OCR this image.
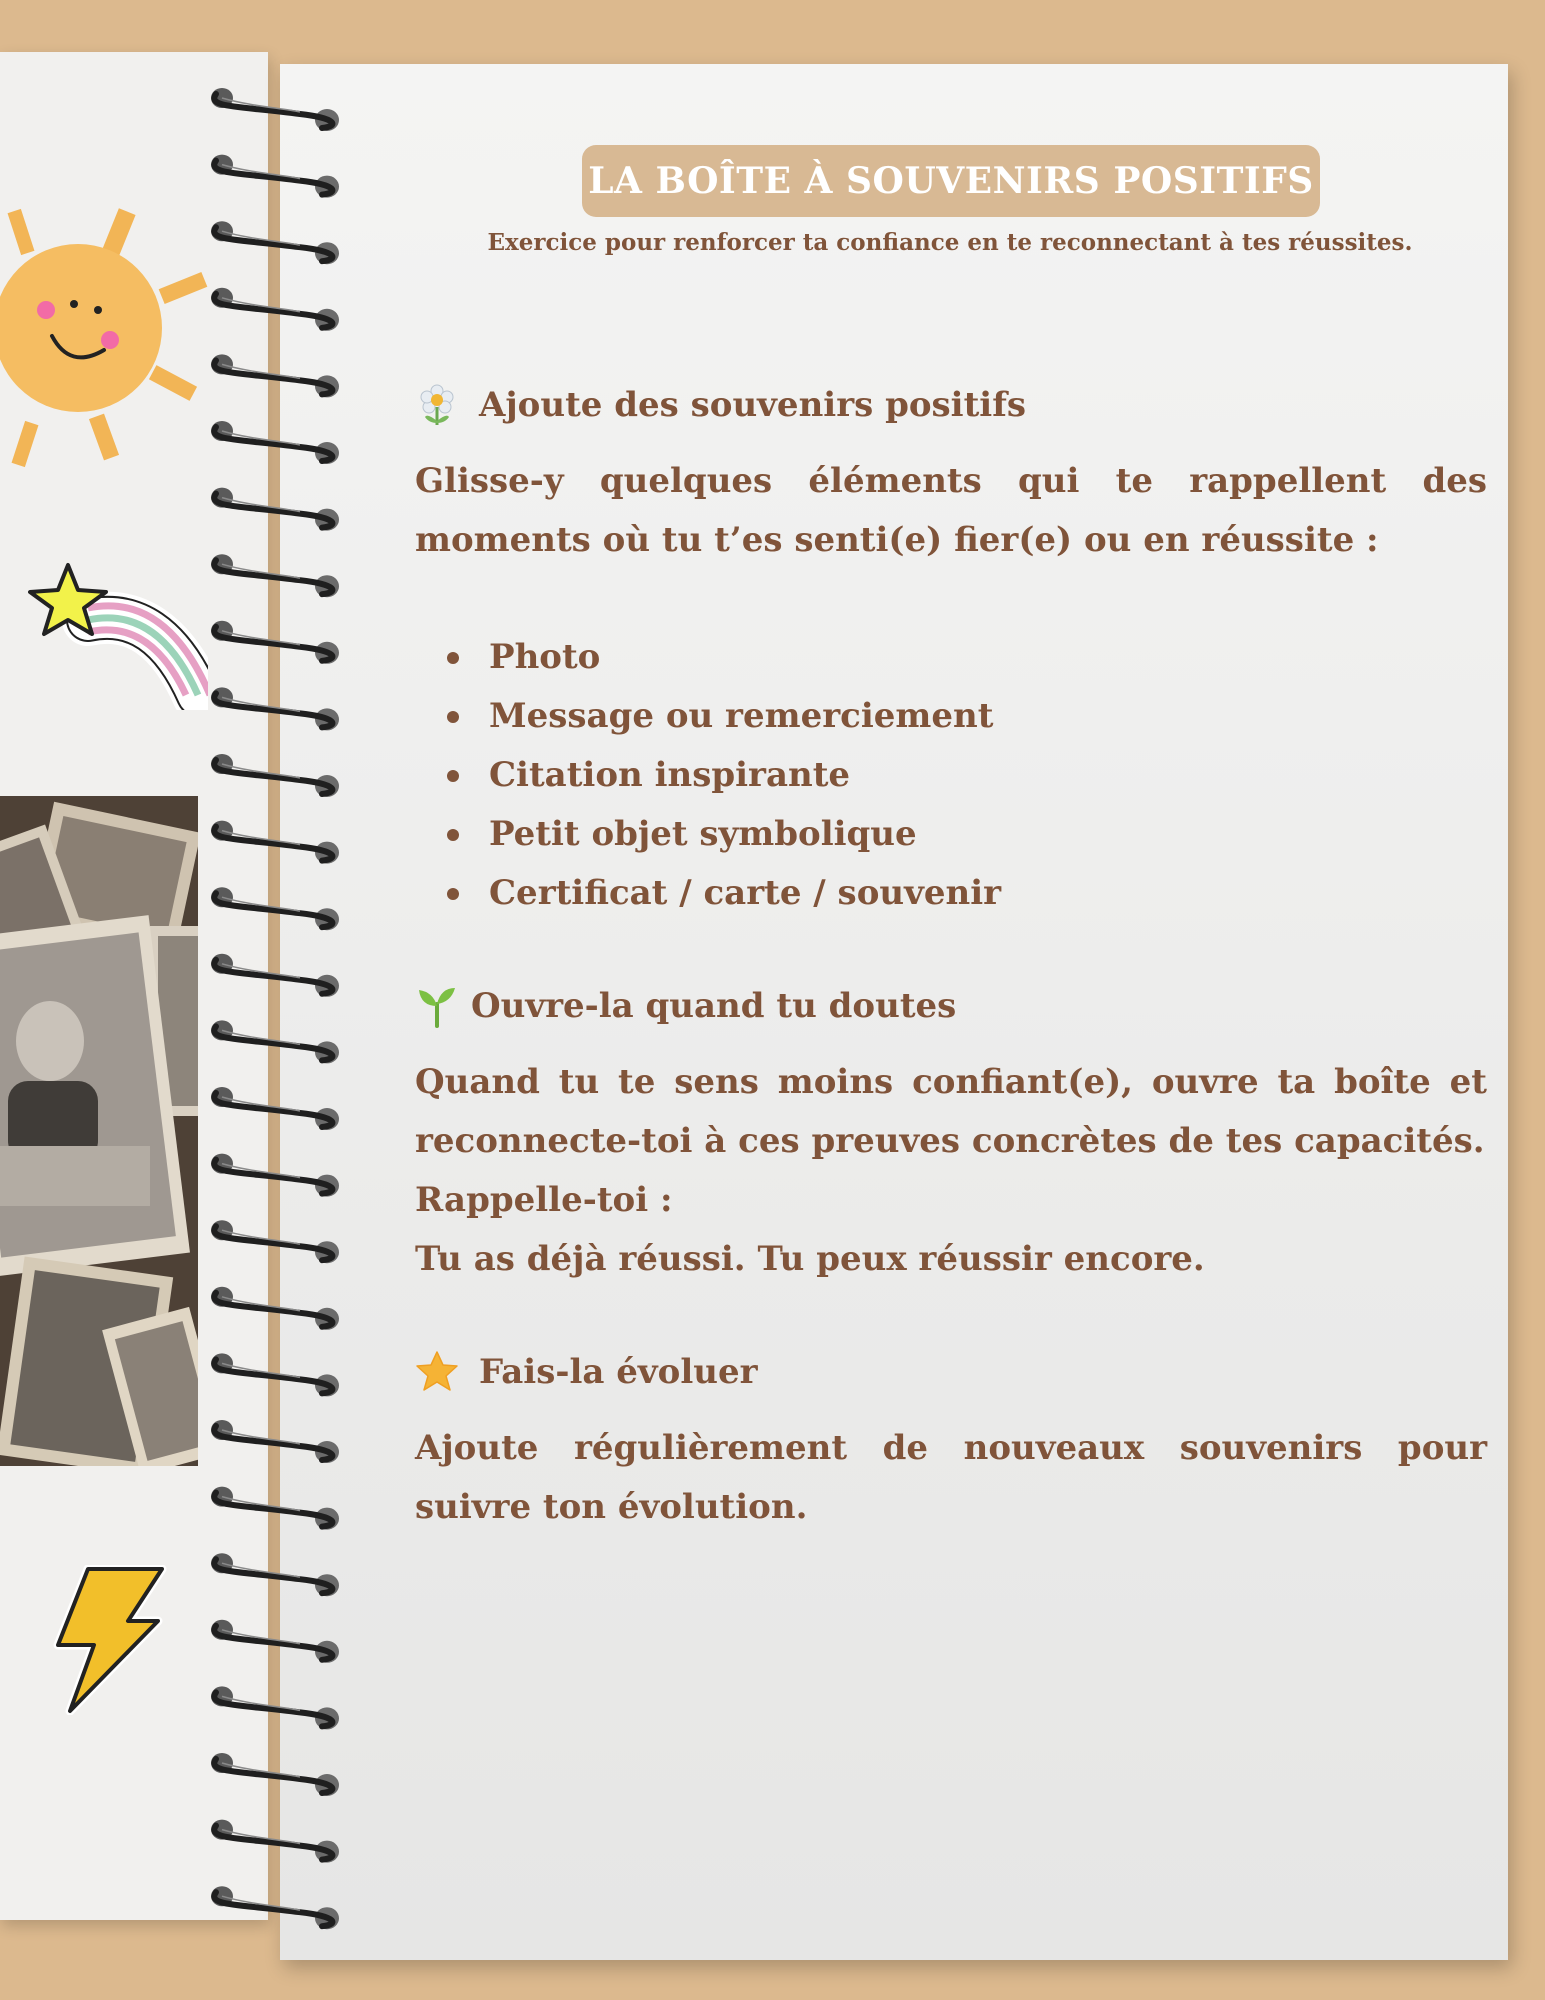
LA BOÎTE À SOUVENIRS POSITIFS
Exercice pour renforcer ta confiance en te reconnectant à tes réussites.
Ajoute des souvenirs positifs

Glisse-y quelques éléments qui te rappellent des moments où tu t’es senti(e) fier(e) ou en réussite :

Photo
Message ou remerciement
Citation inspirante
Petit objet symbolique
Certificat / carte / souvenir
Ouvre-la quand tu doutes

Quand tu te sens moins confiant(e), ouvre ta boîte et reconnecte-toi à ces preuves concrètes de tes capacités.

Rappelle-toi :

Tu as déjà réussi. Tu peux réussir encore.

Fais-la évoluer

Ajoute régulièrement de nouveaux souvenirs pour suivre ton évolution.
